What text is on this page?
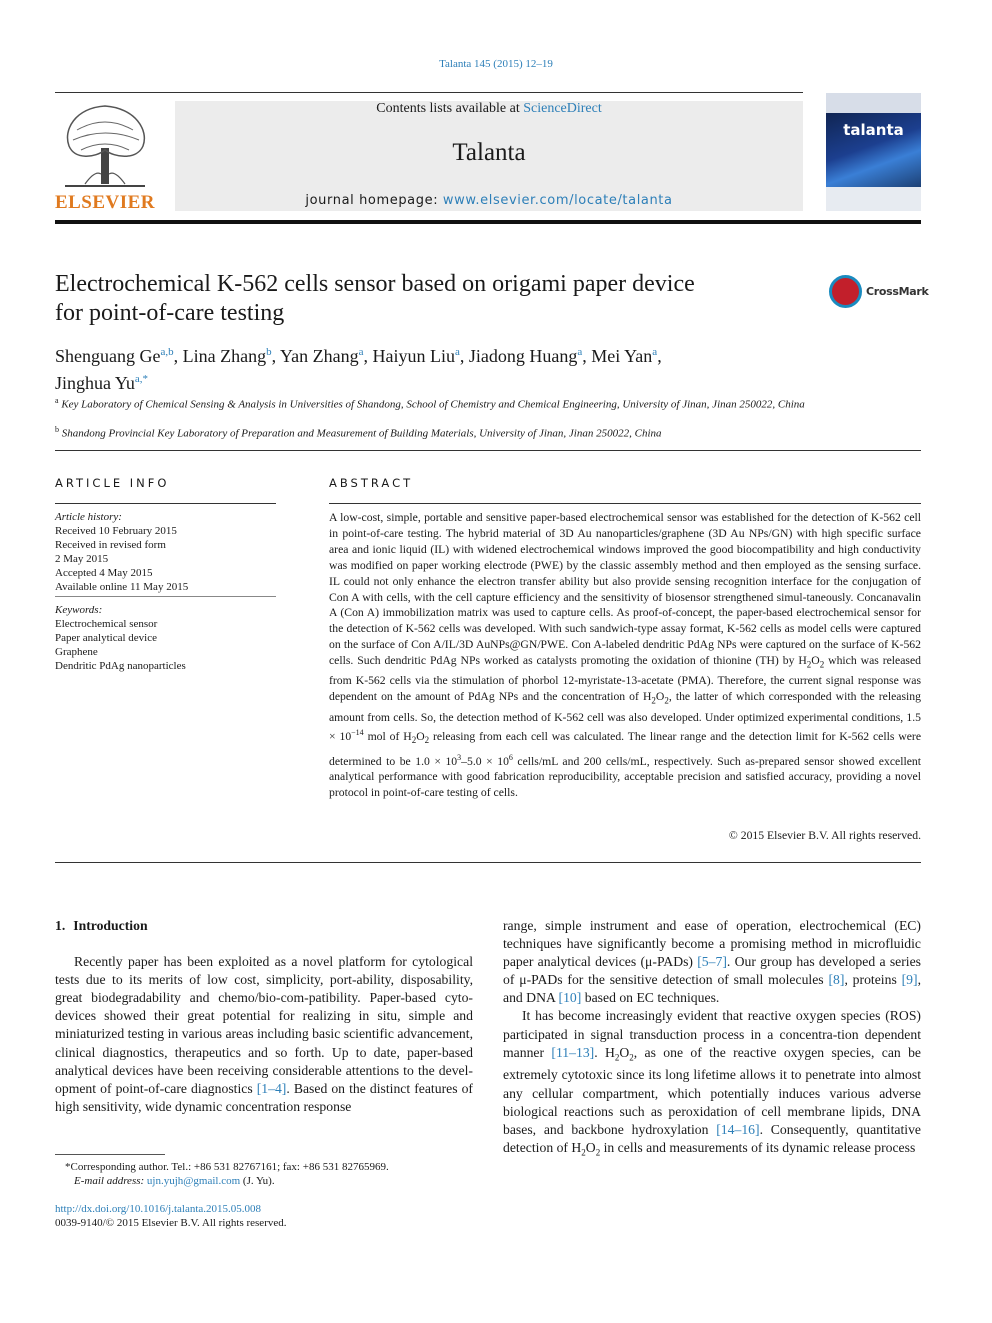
Talanta 145 (2015) 12–19
ELSEVIER
Contents lists available at ScienceDirect
Talanta
journal homepage: www.elsevier.com/locate/talanta
talanta
Electrochemical K-562 cells sensor based on origami paper device
for point-of-care testing
CrossMark
Shenguang Ge$^{a,b}$, Lina Zhang$^b$, Yan Zhang$^a$, Haiyun Liu$^a$, Jiadong Huang$^a$, Mei Yan$^a$,
Jinghua $Yu^{a,*}$
$^a$ Key Laboratory of Chemical Sensing & Analysis in Universities of Shandong, School of Chemistry and Chemical Engineering, University of Jinan, Jinan 250022, China
$^b$ Shandong Provincial Key Laboratory of Preparation and Measurement of Building Materials, University of Jinan, Jinan 250022, China
ARTICLE INFO
Article history:
Received 10 February 2015
Received in revised form
2 May 2015
Accepted 4 May 2015
Available online 11 May 2015
Keywords:
Electrochemical sensor
Paper analytical device
Graphene
Dendritic PdAg nanoparticles
ABSTRACT
A low-cost, simple, portable and sensitive paper-based electrochemical sensor was established for the detection of K-562 cell in point-of-care testing. The hybrid material of 3D Au nanoparticles/graphene (3D Au NPs/GN) with high specific surface area and ionic liquid (IL) with widened electrochemical windows improved the good biocompatibility and high conductivity was modified on paper working electrode (PWE) by the classic assembly method and then employed as the sensing surface. IL could not only enhance the electron transfer ability but also provide sensing recognition interface for the conjugation of Con A with cells, with the cell capture efficiency and the sensitivity of biosensor strengthened simul-taneously. Concanavalin A (Con A) immobilization matrix was used to capture cells. As proof-of-concept, the paper-based electrochemical sensor for the detection of K-562 cells was developed. With such sandwich-type assay format, K-562 cells as model cells were captured on the surface of Con A/IL/3D AuNPs@GN/PWE. Con A-labeled dendritic PdAg NPs were captured on the surface of K-562 cells. Such dendritic PdAg NPs worked as catalysts promoting the oxidation of thionine (TH) by $H_2O_2$ which was released from K-562 cells via the stimulation of phorbol 12-myristate-13-acetate (PMA). Therefore, the current signal response was dependent on the amount of PdAg NPs and the concentration of $H_2O_2$, the latter of which corresponded with the releasing amount from cells. So, the detection method of K-562 cell was also developed. Under optimized experimental conditions, $1.5 \times 10^{-14}$ mol of $H_2O_2$ releasing from each cell was calculated. The linear range and the detection limit for K-562 cells were determined to be $1.0 \times 10^3-5.0 \times 10^6$ cells/mL and 200 cells/mL, respectively. Such as-prepared sensor showed excellent analytical performance with good fabrication reproducibility, acceptable precision and satisfied accuracy, providing a novel protocol in point-of-care testing of cells.
© 2015 Elsevier B.V. All rights reserved.
1. Introduction

Recently paper has been exploited as a novel platform for cytological tests due to its merits of low cost, simplicity, port-ability, disposability, great biodegradability and chemo/bio-com-patibility. Paper-based cyto-devices showed their great potential for realizing in situ, simple and miniaturized testing in various areas including basic scientific advancement, clinical diagnostics, therapeutics and so forth. Up to date, paper-based analytical devices have been receiving considerable attentions to the devel-opment of point-of-care diagnostics [1–4]. Based on the distinct features of high sensitivity, wide dynamic concentration response

range, simple instrument and ease of operation, electrochemical (EC) techniques have significantly become a promising method in microfluidic paper analytical devices (μ-PADs) [5–7]. Our group has developed a series of μ-PADs for the sensitive detection of small molecules [8], proteins [9], and DNA [10] based on EC techniques.

It has become increasingly evident that reactive oxygen species (ROS) participated in signal transduction process in a concentra-tion dependent manner [11–13]. $H_2O_2$, as one of the reactive oxygen species, can be extremely cytotoxic since its long lifetime allows it to penetrate into almost any cellular compartment, which potentially induces various adverse biological reactions such as peroxidation of cell membrane lipids, DNA bases, and backbone hydroxylation [14–16]. Consequently, quantitative detection of $H_2O_2$ in cells and measurements of its dynamic release process

*Corresponding author. Tel.: +86 531 82767161; fax: +86 531 82765969.
E-mail address: ujn.yujh@gmail.com (J. Yu).
http://dx.doi.org/10.1016/j.talanta.2015.05.008
0039-9140/© 2015 Elsevier B.V. All rights reserved.
